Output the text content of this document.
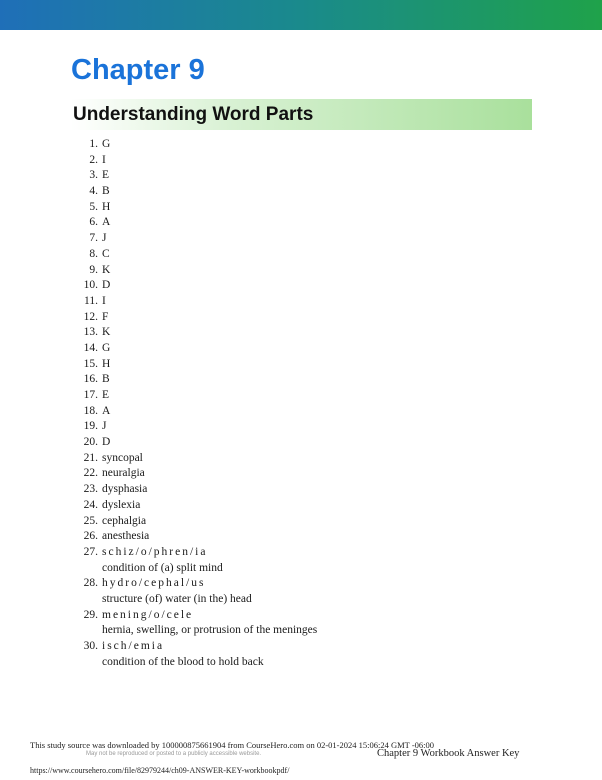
Chapter 9
Understanding Word Parts
1. G
2. I
3. E
4. B
5. H
6. A
7. J
8. C
9. K
10. D
11. I
12. F
13. K
14. G
15. H
16. B
17. E
18. A
19. J
20. D
21. syncopal
22. neuralgia
23. dysphasia
24. dyslexia
25. cephalgia
26. anesthesia
27. schiz/o/phren/ia
condition of (a) split mind
28. hydro/cephal/us
structure (of) water (in the) head
29. mening/o/cele
hernia, swelling, or protrusion of the meninges
30. isch/emia
condition of the blood to hold back
This study source was downloaded by 100000875661904 from CourseHero.com on 02-01-2024 15:06:24 GMT -06:00
May not be reproduced or posted to a publicly accessible website.	Chapter 9 Workbook Answer Key
https://www.coursehero.com/file/82979244/ch09-ANSWER-KEY-workbookpdf/
